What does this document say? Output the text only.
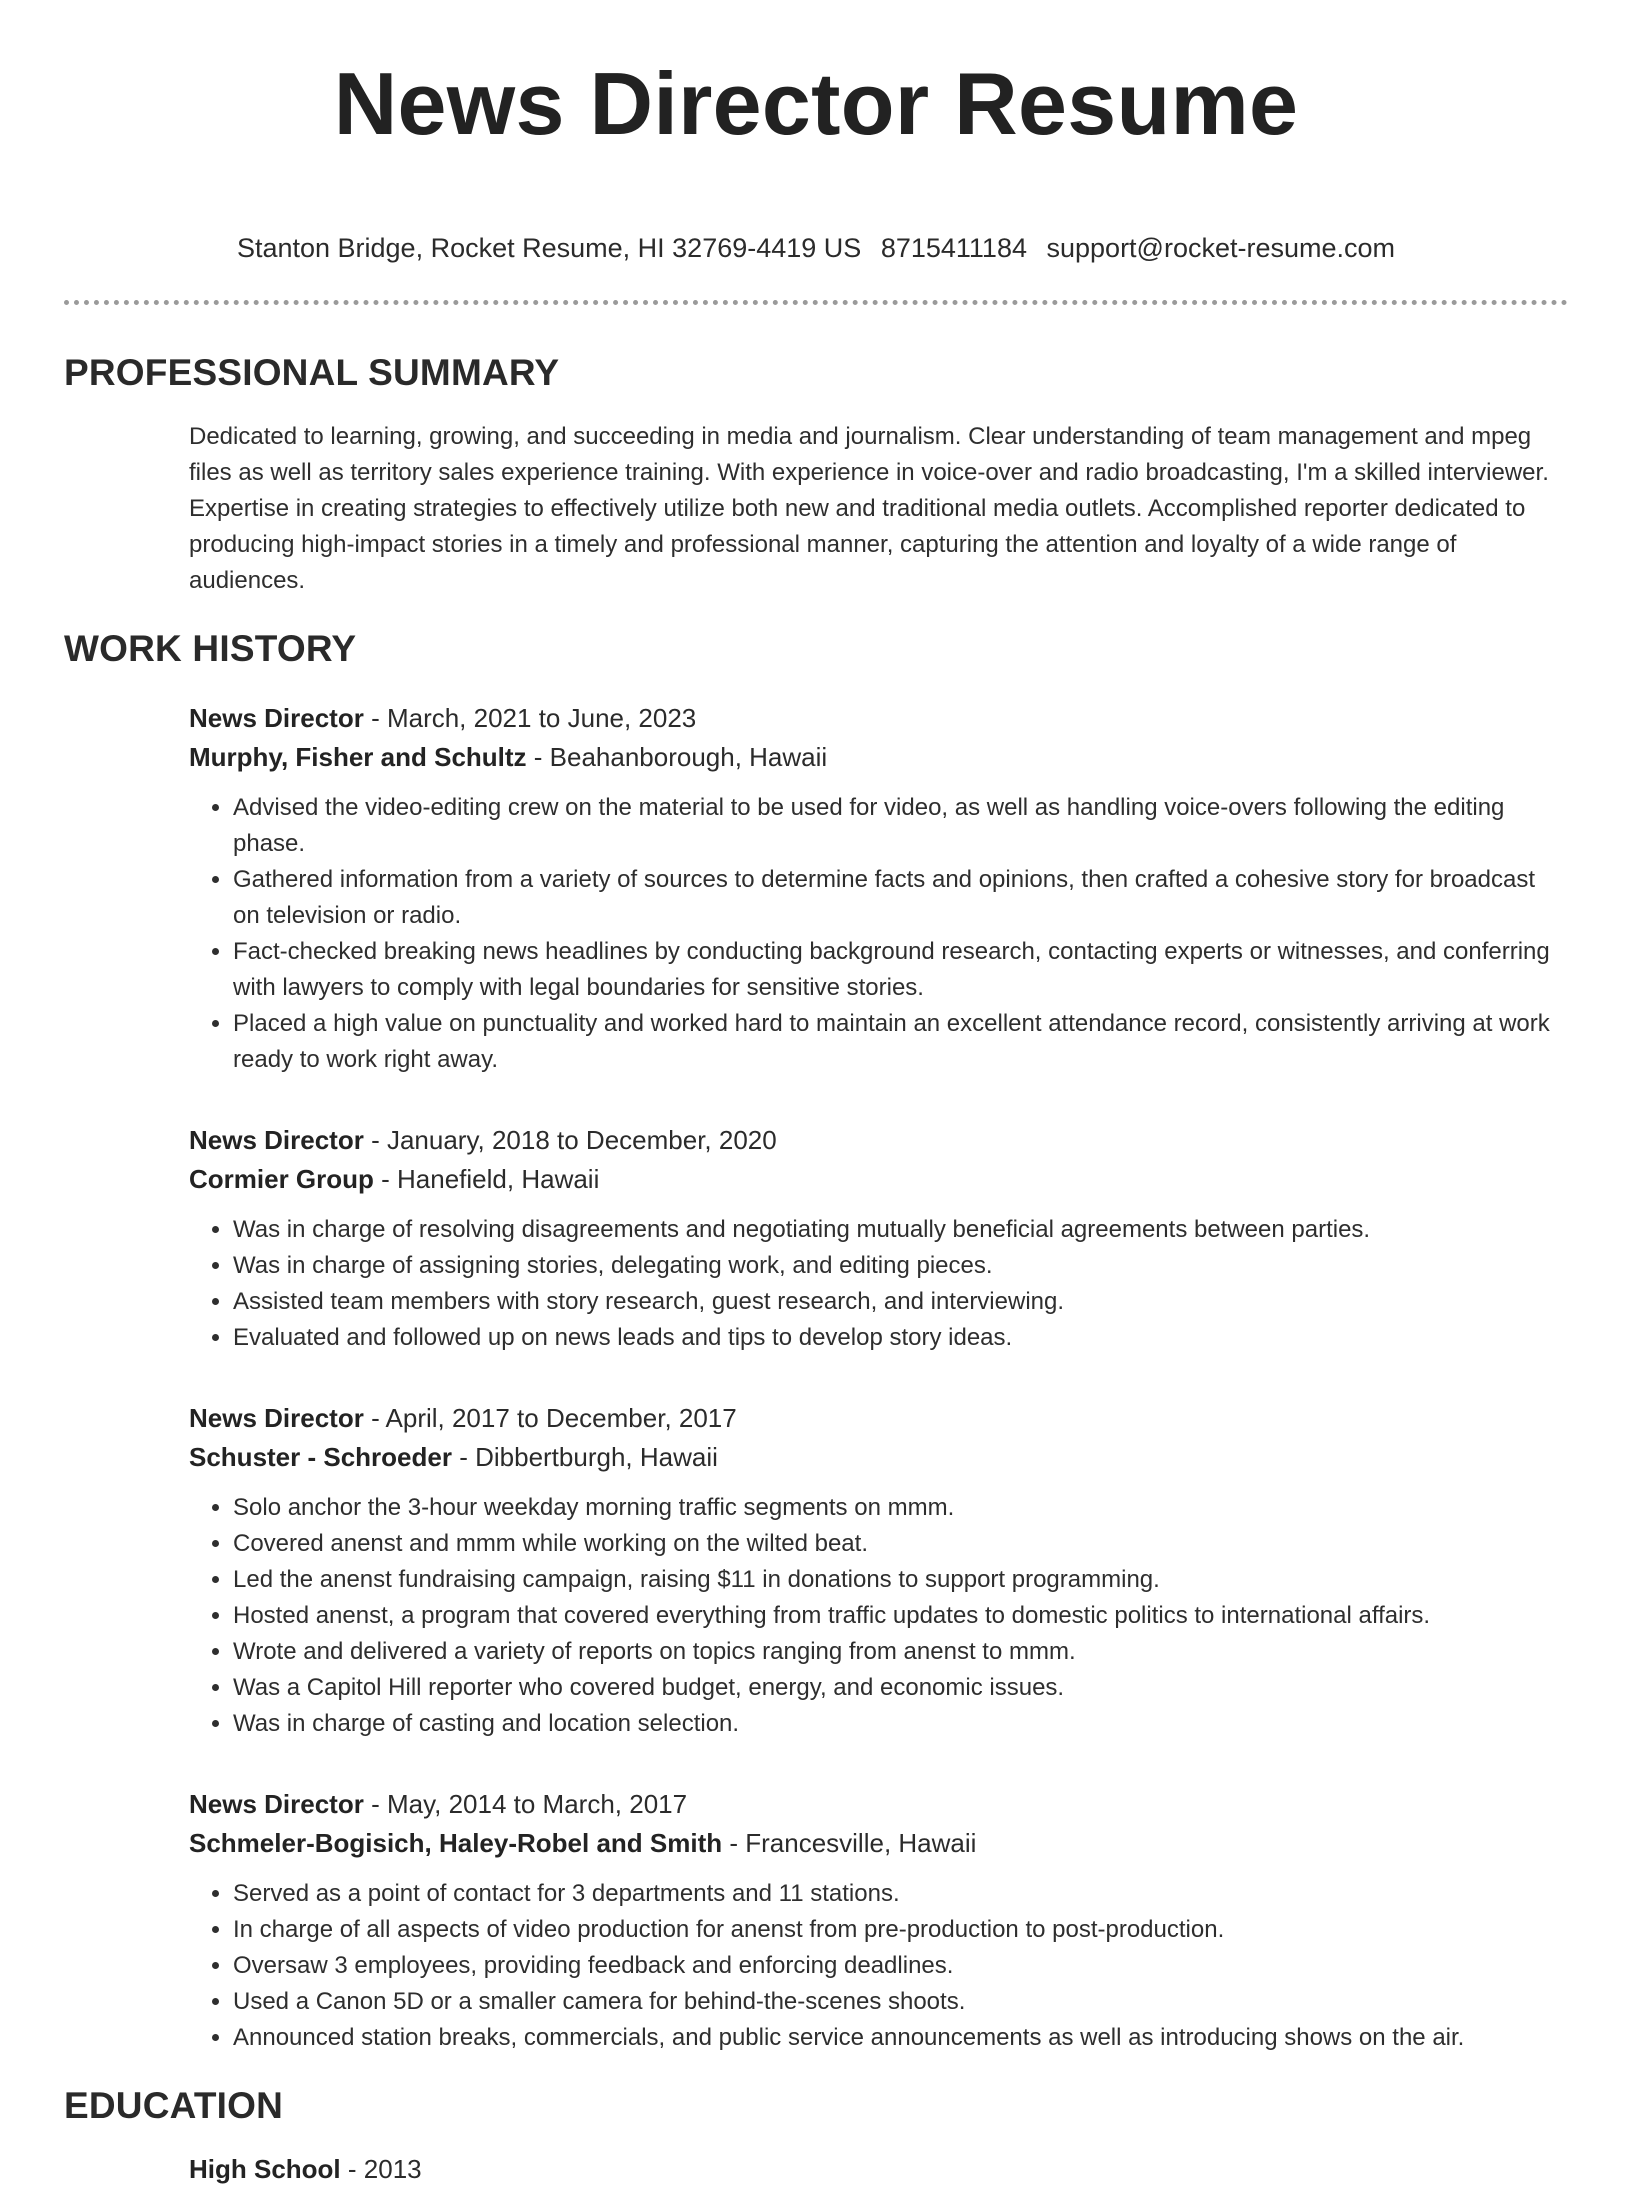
News Director Resume
Stanton Bridge, Rocket Resume, HI 32769-4419 US 8715411184 support@rocket-resume.com
PROFESSIONAL SUMMARY

Dedicated to learning, growing, and succeeding in media and journalism. Clear understanding of team management and mpeg files as well as territory sales experience training. With experience in voice-over and radio broadcasting, I'm a skilled interviewer. Expertise in creating strategies to effectively utilize both new and traditional media outlets. Accomplished reporter dedicated to producing high-impact stories in a timely and professional manner, capturing the attention and loyalty of a wide range of audiences.

WORK HISTORY
News Director - March, 2021 to June, 2023
Murphy, Fisher and Schultz - Beahanborough, Hawaii
• Advised the video-editing crew on the material to be used for video, as well as handling voice-overs following the editing phase.
• Gathered information from a variety of sources to determine facts and opinions, then crafted a cohesive story for broadcast on television or radio.
• Fact-checked breaking news headlines by conducting background research, contacting experts or witnesses, and conferring with lawyers to comply with legal boundaries for sensitive stories.
• Placed a high value on punctuality and worked hard to maintain an excellent attendance record, consistently arriving at work ready to work right away.
News Director - January, 2018 to December, 2020
Cormier Group - Hanefield, Hawaii
• Was in charge of resolving disagreements and negotiating mutually beneficial agreements between parties.
• Was in charge of assigning stories, delegating work, and editing pieces.
• Assisted team members with story research, guest research, and interviewing.
• Evaluated and followed up on news leads and tips to develop story ideas.
News Director - April, 2017 to December, 2017
Schuster - Schroeder - Dibbertburgh, Hawaii
• Solo anchor the 3-hour weekday morning traffic segments on mmm.
• Covered anenst and mmm while working on the wilted beat.
• Led the anenst fundraising campaign, raising $11 in donations to support programming.
• Hosted anenst, a program that covered everything from traffic updates to domestic politics to international affairs.
• Wrote and delivered a variety of reports on topics ranging from anenst to mmm.
• Was a Capitol Hill reporter who covered budget, energy, and economic issues.
• Was in charge of casting and location selection.
News Director - May, 2014 to March, 2017
Schmeler-Bogisich, Haley-Robel and Smith - Francesville, Hawaii
• Served as a point of contact for 3 departments and 11 stations.
• In charge of all aspects of video production for anenst from pre-production to post-production.
• Oversaw 3 employees, providing feedback and enforcing deadlines.
• Used a Canon 5D or a smaller camera for behind-the-scenes shoots.
• Announced station breaks, commercials, and public service announcements as well as introducing shows on the air.
EDUCATION
High School - 2013
